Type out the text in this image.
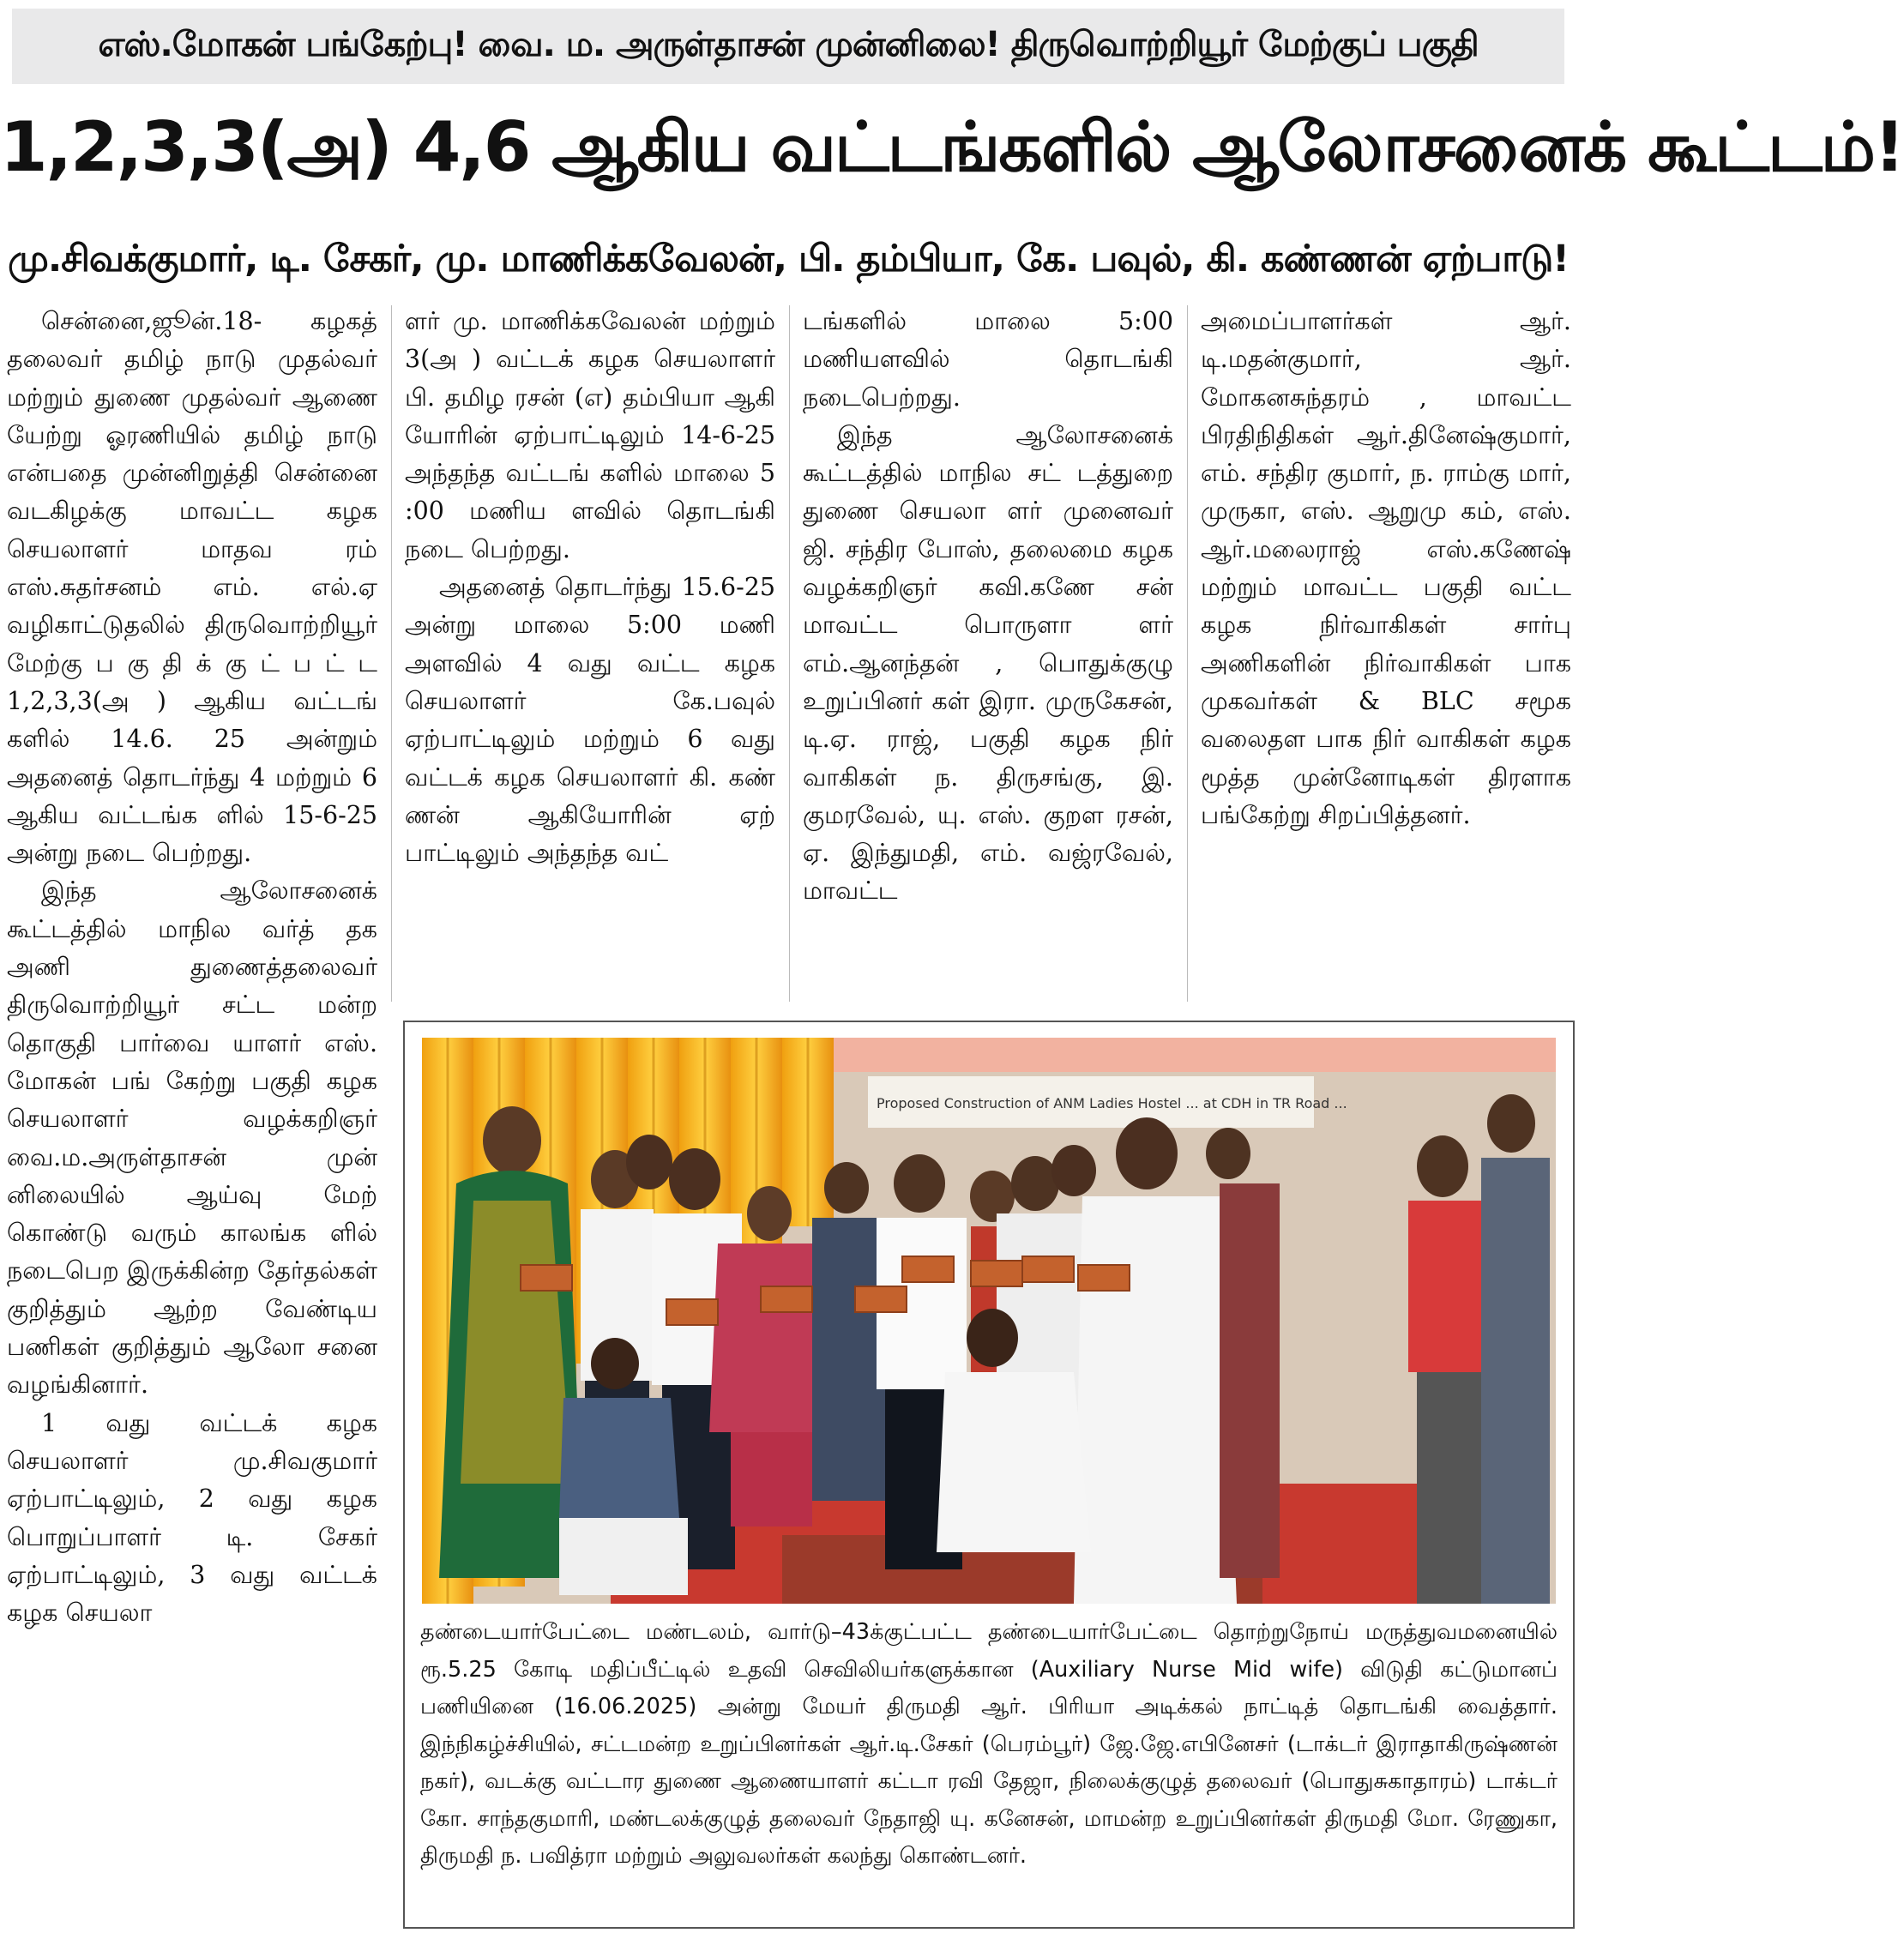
எஸ்.மோகன் பங்கேற்பு! வை. ம. அருள்தாசன் முன்னிலை! திருவொற்றியூர் மேற்குப் பகுதி
1,2,3,3(அ) 4,6 ஆகிய வட்டங்களில் ஆலோசனைக் கூட்டம்!
மு.சிவக்குமார், டி. சேகர், மு. மாணிக்கவேலன், பி. தம்பியா, கே. பவுல், கி. கண்ணன் ஏற்பாடு!

சென்னை,ஜூன்.18- கழகத் தலைவர் தமிழ் நாடு முதல்வர் மற்றும் துணை முதல்வர் ஆணை யேற்று ஓரணியில் தமிழ் நாடு என்பதை முன்னிறுத்தி சென்னை வடகிழக்கு மாவட்ட கழக செயலாளர் மாதவ ரம் எஸ்.சுதர்சனம் எம். எல்.ஏ வழிகாட்டுதலில் திருவொற்றியூர் மேற்கு ப கு தி க் கு ட் ப ட் ட 1,2,3,3(அ ) ஆகிய வட்டங் களில் 14.6. 25 அன்றும் அதனைத் தொடர்ந்து 4 மற்றும் 6 ஆகிய வட்டங்க ளில் 15-6-25 அன்று நடை பெற்றது.

இந்த ஆலோசனைக் கூட்டத்தில் மாநில வர்த் தக அணி துணைத்தலைவர் திருவொற்றியூர் சட்ட மன்ற தொகுதி பார்வை யாளர் எஸ். மோகன் பங் கேற்று பகுதி கழக செயலாளர் வழக்கறிஞர் வை.ம.அருள்தாசன் முன் னிலையில் ஆய்வு மேற் கொண்டு வரும் காலங்க ளில் நடைபெற இருக்கின்ற தேர்தல்கள் குறித்தும் ஆற்ற வேண்டிய பணிகள் குறித்தும் ஆலோ சனை வழங்கினார்.

1 வது வட்டக் கழக செயலாளர் மு.சிவகுமார் ஏற்பாட்டிலும், 2 வது கழக பொறுப்பாளர் டி. சேகர் ஏற்பாட்டிலும், 3 வது வட்டக் கழக செயலா

ளர் மு. மாணிக்கவேலன் மற்றும் 3(அ ) வட்டக் கழக செயலாளர் பி. தமிழ ரசன் (எ) தம்பியா ஆகி யோரின் ஏற்பாட்டிலும் 14-6-25 அந்தந்த வட்டங் களில் மாலை 5 :00 மணிய ளவில் தொடங்கி நடை பெற்றது.

அதனைத் தொடர்ந்து 15.6-25 அன்று மாலை 5:00 மணி அளவில் 4 வது வட்ட கழக செயலாளர் கே.பவுல் ஏற்பாட்டிலும் மற்றும் 6 வது வட்டக் கழக செயலாளர் கி. கண் ணன் ஆகியோரின் ஏற் பாட்டிலும் அந்தந்த வட்

டங்களில் மாலை 5:00 மணியளவில் தொடங்கி நடைபெற்றது.

இந்த ஆலோசனைக் கூட்டத்தில் மாநில சட் டத்துறை துணை செயலா ளர் முனைவர் ஜி. சந்திர போஸ், தலைமை கழக வழக்கறிஞர் கவி.கணே சன் மாவட்ட பொருளா ளர் எம்.ஆனந்தன் , பொதுக்குழு உறுப்பினர் கள் இரா. முருகேசன், டி.ஏ. ராஜ், பகுதி கழக நிர் வாகிகள் ந. திருசங்கு, இ. குமரவேல், யு. எஸ். குறள ரசன், ஏ. இந்துமதி, எம். வஜ்ரவேல், மாவட்ட

அமைப்பாளர்கள் ஆர். டி.மதன்குமார், ஆர். மோகனசுந்தரம் , மாவட்ட பிரதிநிதிகள் ஆர்.தினேஷ்குமார், எம். சந்திர குமார், ந. ராம்கு மார், முருகா, எஸ். ஆறுமு கம், எஸ். ஆர்.மலைராஜ் எஸ்.கணேஷ் மற்றும் மாவட்ட பகுதி வட்ட கழக நிர்வாகிகள் சார்பு அணிகளின் நிர்வாகிகள் பாக முகவர்கள் & BLC சமூக வலைதள பாக நிர் வாகிகள் கழக மூத்த முன்னோடிகள் திரளாக பங்கேற்று சிறப்பித்தனர்.

Proposed Construction of ANM Ladies Hostel ... at CDH in TR Road ...
தண்டையார்பேட்டை மண்டலம், வார்டு–43க்குட்பட்ட தண்டையார்பேட்டை தொற்றுநோய் மருத்துவமனையில் ரூ.5.25 கோடி மதிப்பீட்டில் உதவி செவிலியர்களுக்கான (Auxiliary Nurse Mid wife) விடுதி கட்டுமானப் பணியினை (16.06.2025) அன்று மேயர் திருமதி ஆர். பிரியா அடிக்கல் நாட்டித் தொடங்கி வைத்தார். இந்நிகழ்ச்சியில், சட்டமன்ற உறுப்பினர்கள் ஆர்.டி.சேகர் (பெரம்பூர்) ஜே.ஜே.எபினேசர் (டாக்டர் இராதாகிருஷ்ணன் நகர்), வடக்கு வட்டார துணை ஆணையாளர் கட்டா ரவி தேஜா, நிலைக்குழுத் தலைவர் (பொதுசுகாதாரம்) டாக்டர் கோ. சாந்தகுமாரி, மண்டலக்குழுத் தலைவர் நேதாஜி யு. கனேசன், மாமன்ற உறுப்பினர்கள் திருமதி மோ. ரேணுகா, திருமதி ந. பவித்ரா மற்றும் அலுவலர்கள் கலந்து கொண்டனர்.
